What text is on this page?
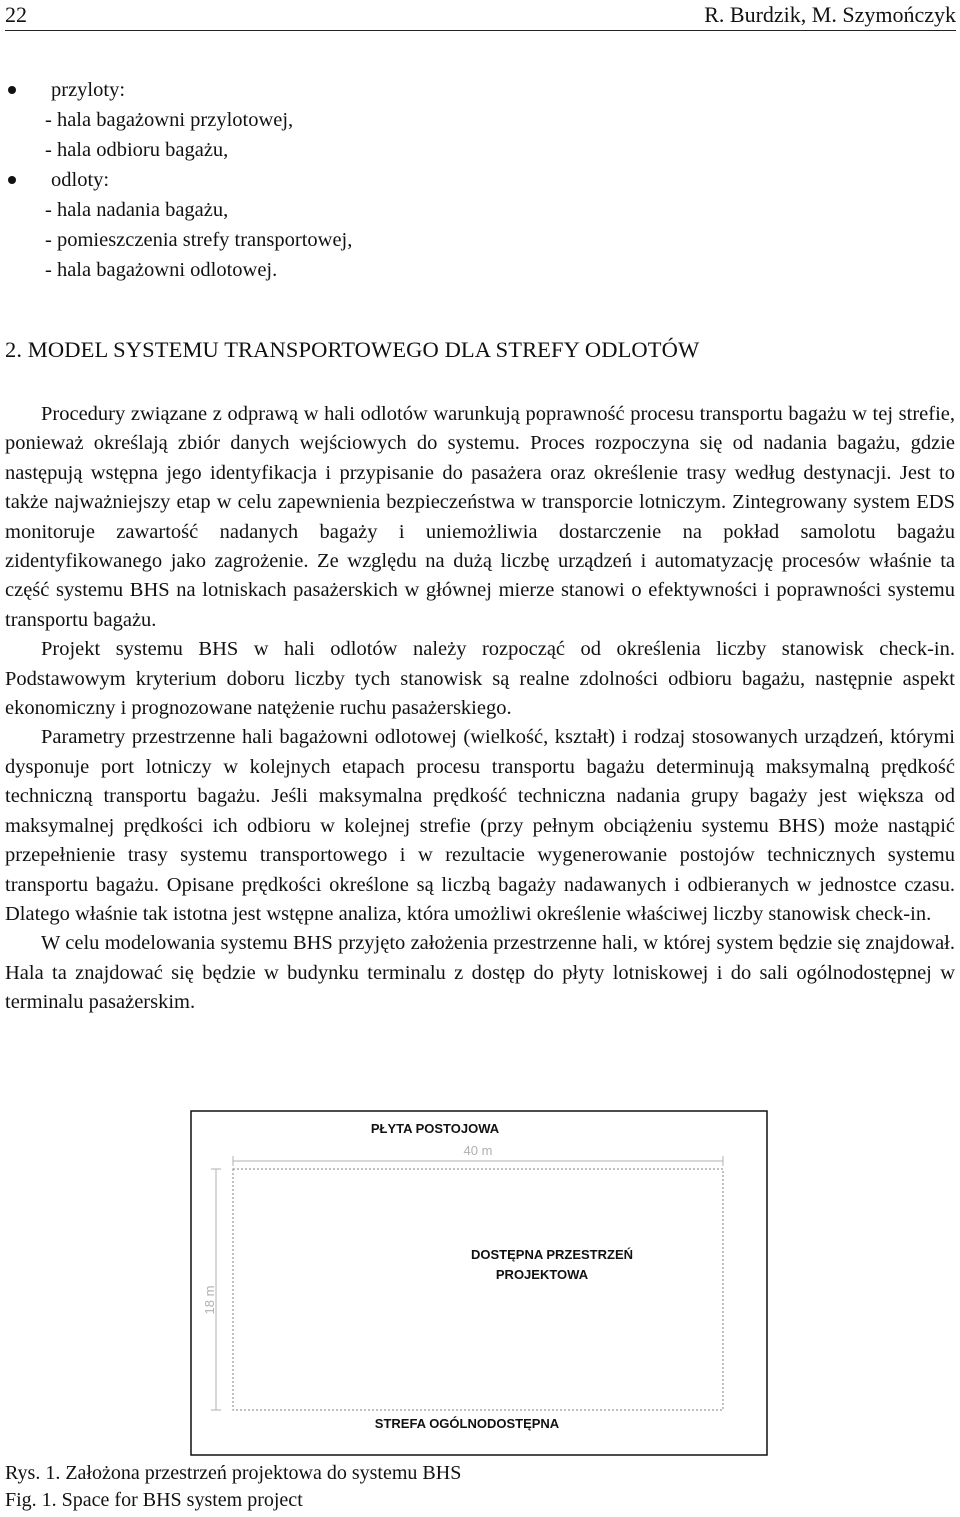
22	R. Burdzik, M. Szymończyk
przyloty:
- hala bagażowni przylotowej,
- hala odbioru bagażu,
odloty:
- hala nadania bagażu,
- pomieszczenia strefy transportowej,
- hala bagażowni odlotowej.
2. MODEL SYSTEMU TRANSPORTOWEGO DLA STREFY ODLOTÓW

Procedury związane z odprawą w hali odlotów warunkują poprawność procesu transportu bagażu w tej strefie, ponieważ określają zbiór danych wejściowych do systemu. Proces rozpoczyna się od nadania bagażu, gdzie następują wstępna jego identyfikacja i przypisanie do pasażera oraz określenie trasy według destynacji. Jest to także najważniejszy etap w celu zapewnienia bezpieczeństwa w transporcie lotniczym. Zintegrowany system EDS monitoruje zawartość nadanych bagaży i uniemożliwia dostarczenie na pokład samolotu bagażu zidentyfikowanego jako zagrożenie. Ze względu na dużą liczbę urządzeń i automatyzację procesów właśnie ta część systemu BHS na lotniskach pasażerskich w głównej mierze stanowi o efektywności i poprawności systemu transportu bagażu.

Projekt systemu BHS w hali odlotów należy rozpocząć od określenia liczby stanowisk check-in. Podstawowym kryterium doboru liczby tych stanowisk są realne zdolności odbioru bagażu, następnie aspekt ekonomiczny i prognozowane natężenie ruchu pasażerskiego.

Parametry przestrzenne hali bagażowni odlotowej (wielkość, kształt) i rodzaj stosowanych urządzeń, którymi dysponuje port lotniczy w kolejnych etapach procesu transportu bagażu determinują maksymalną prędkość techniczną transportu bagażu. Jeśli maksymalna prędkość techniczna nadania grupy bagaży jest większa od maksymalnej prędkości ich odbioru w kolejnej strefie (przy pełnym obciążeniu systemu BHS) może nastąpić przepełnienie trasy systemu transportowego i w rezultacie wygenerowanie postojów technicznych systemu transportu bagażu. Opisane prędkości określone są liczbą bagaży nadawanych i odbieranych w jednostce czasu. Dlatego właśnie tak istotna jest wstępne analiza, która umożliwi określenie właściwej liczby stanowisk check-in.

W celu modelowania systemu BHS przyjęto założenia przestrzenne hali, w której system będzie się znajdował. Hala ta znajdować się będzie w budynku terminalu z dostęp do płyty lotniskowej i do sali ogólnodostępnej w terminalu pasażerskim.

PŁYTA POSTOJOWA
40 m
DOSTĘPNA PRZESTRZEŃ
PROJEKTOWA
18 m
STREFA OGÓLNODOSTĘPNA
Rys. 1. Założona przestrzeń projektowa do systemu BHS
Fig. 1. Space for BHS system project
